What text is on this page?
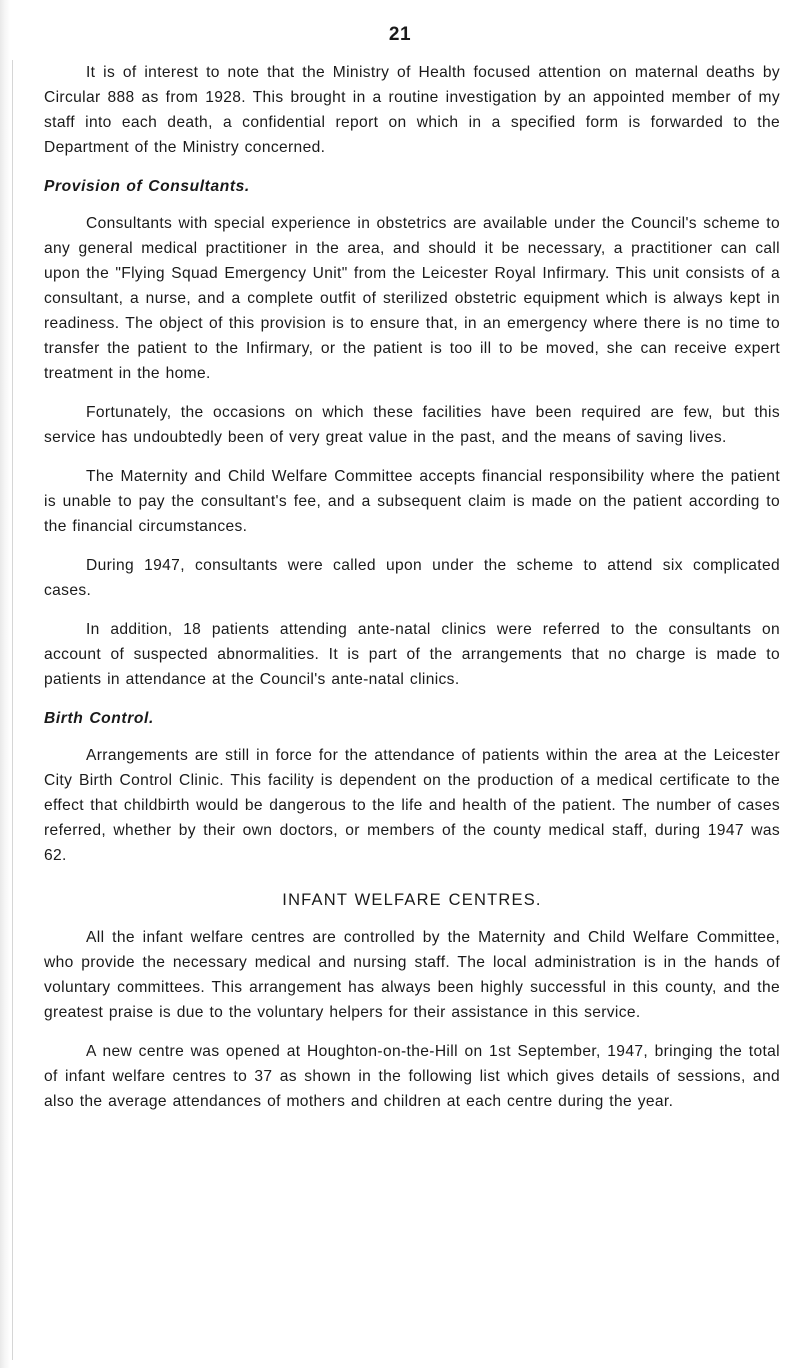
21

It is of interest to note that the Ministry of Health focused attention on maternal deaths by Circular 888 as from 1928. This brought in a routine investigation by an appointed member of my staff into each death, a confidential report on which in a specified form is forwarded to the Department of the Ministry concerned.

Provision of Consultants.

Consultants with special experience in obstetrics are available under the Council's scheme to any general medical practitioner in the area, and should it be necessary, a practitioner can call upon the "Flying Squad Emergency Unit" from the Leicester Royal Infirmary. This unit consists of a consultant, a nurse, and a complete outfit of sterilized obstetric equipment which is always kept in readiness. The object of this provision is to ensure that, in an emergency where there is no time to transfer the patient to the Infirmary, or the patient is too ill to be moved, she can receive expert treatment in the home.

Fortunately, the occasions on which these facilities have been required are few, but this service has undoubtedly been of very great value in the past, and the means of saving lives.

The Maternity and Child Welfare Committee accepts financial responsibility where the patient is unable to pay the consultant's fee, and a subsequent claim is made on the patient according to the financial circumstances.

During 1947, consultants were called upon under the scheme to attend six complicated cases.

In addition, 18 patients attending ante-natal clinics were referred to the consultants on account of suspected abnormalities. It is part of the arrangements that no charge is made to patients in attendance at the Council's ante-natal clinics.

Birth Control.

Arrangements are still in force for the attendance of patients within the area at the Leicester City Birth Control Clinic. This facility is dependent on the production of a medical certificate to the effect that childbirth would be dangerous to the life and health of the patient. The number of cases referred, whether by their own doctors, or members of the county medical staff, during 1947 was 62.

INFANT WELFARE CENTRES.

All the infant welfare centres are controlled by the Maternity and Child Welfare Committee, who provide the necessary medical and nursing staff. The local administration is in the hands of voluntary committees. This arrangement has always been highly successful in this county, and the greatest praise is due to the voluntary helpers for their assistance in this service.

A new centre was opened at Houghton-on-the-Hill on 1st September, 1947, bringing the total of infant welfare centres to 37 as shown in the following list which gives details of sessions, and also the average attendances of mothers and children at each centre during the year.
